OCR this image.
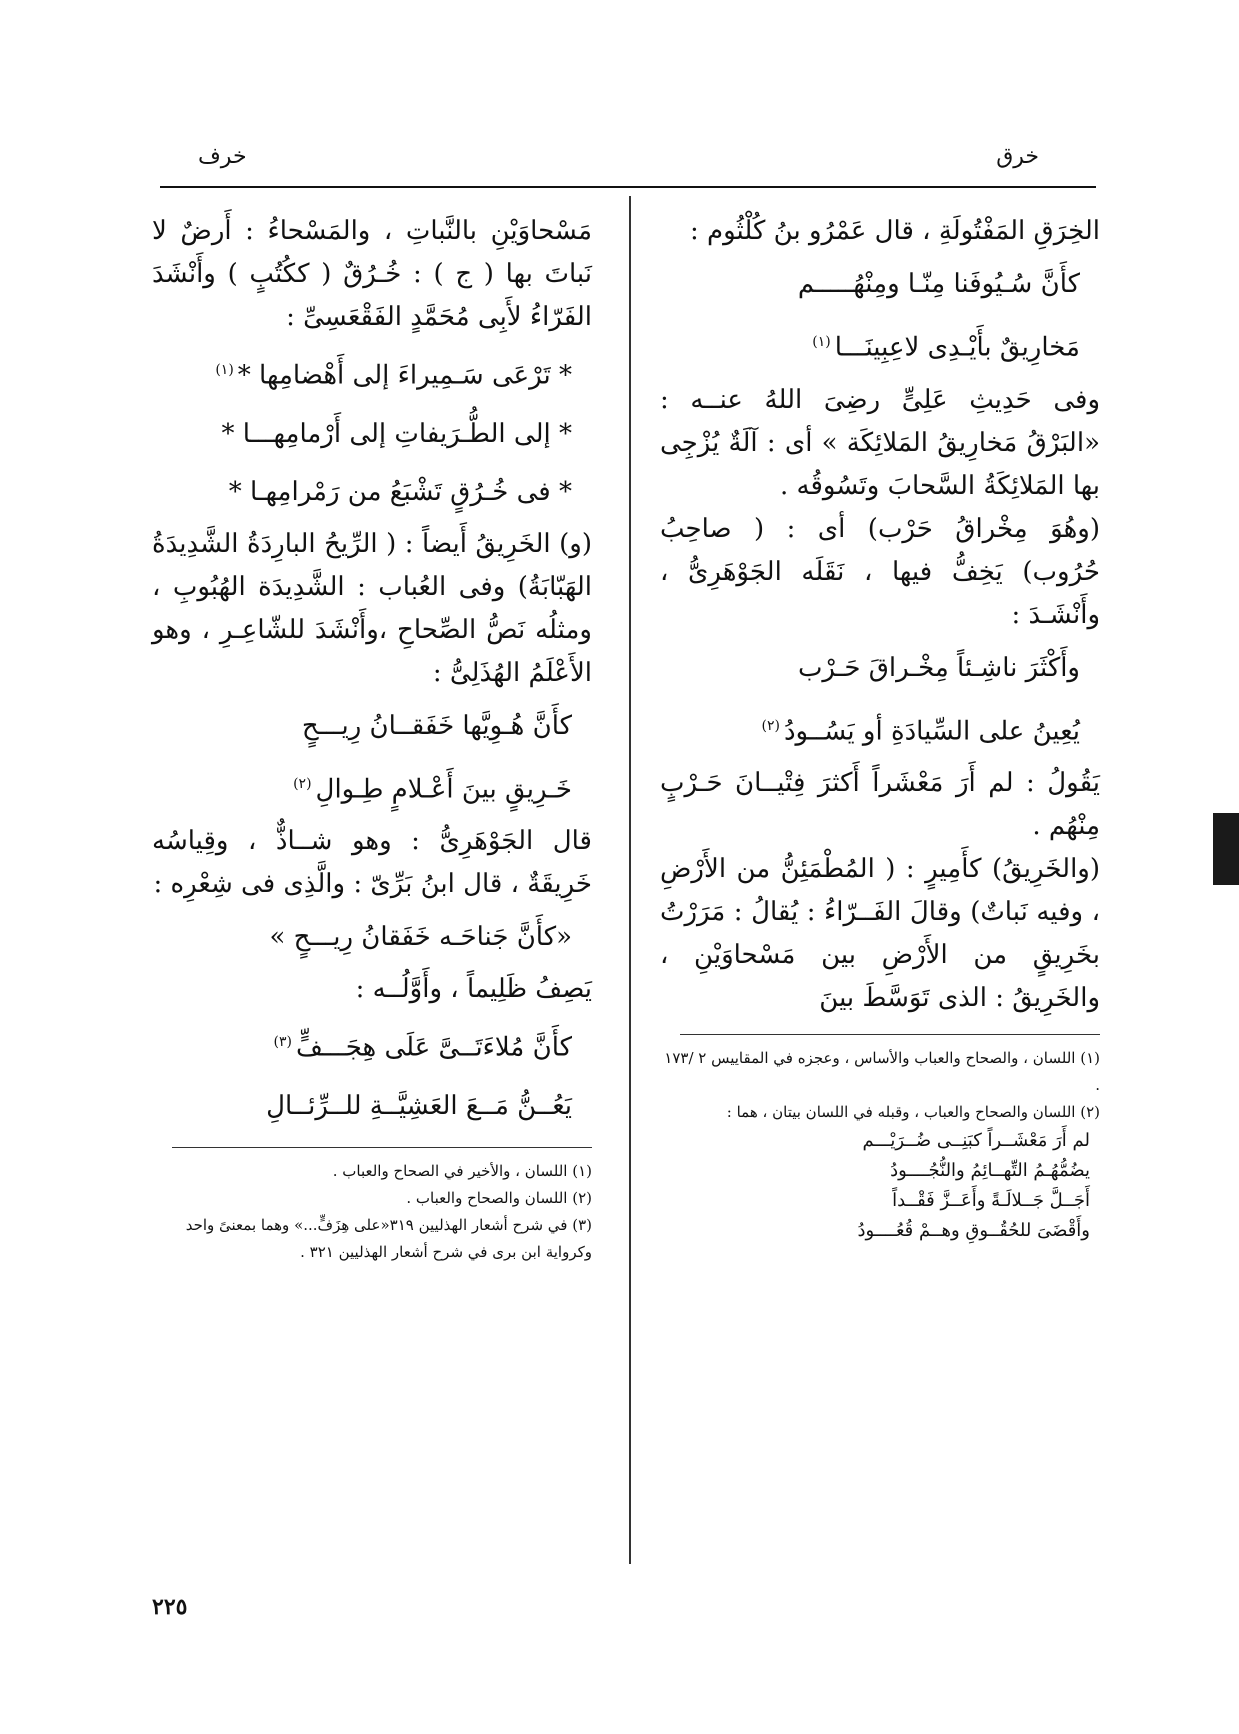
خرق
خرف

الخِرَقِ المَفْتُولَةِ ، قال عَمْرُو بنُ كُلْثُوم :

كأَنَّ سُـيُوفَنا مِنّـا ومِنْهُـــــم

مَخارِيقٌ بأَيْـدِى لاعِبِينَـــا$^{(١)}$

وفى حَدِيثِ عَلِىٍّ رضِىَ اللهُ عنــه : «البَرْقُ مَخارِيقُ المَلائِكَة » أى : آلَةٌ يُزْجِى بها المَلائِكَةُ السَّحابَ وتَسُوقُه .

(وهُوَ مِخْراقُ حَرْب) أى : ( صاحِبُ حُرُوب) يَخِفُّ فيها ، نَقَلَه الجَوْهَرِىُّ ، وأَنْشَـدَ :

وأَكْثَرَ ناشِـئاً مِخْـراقَ حَـرْب

يُعِينُ على السِّيادَةِ أو يَسُــودُ$^{(٢)}$

يَقُولُ : لم أَرَ مَعْشَراً أَكثرَ فِتْيــانَ حَـرْبٍ مِنْهُم .

(والخَرِيقُ) كأَمِيرٍ : ( المُطْمَئِنُّ من الأَرْضِ ، وفيه نَباتٌ) وقالَ الفَــرّاءُ : يُقالُ : مَرَرْتُ بخَرِيقٍ من الأَرْضِ بين مَسْحاوَيْنِ ، والخَرِيقُ : الذى تَوَسَّطَ بينَ

(١) اللسان ، والصحاح والعباب والأساس ، وعجزه في المقاييس ٢ /١٧٣ .

(٢) اللسان والصحاح والعباب ، وقبله في اللسان بيتان ، هما :

لم أَرَ مَعْشَــراً كبَنِــى ضُــرَيْـــم

يضُمُّهُـمُ التِّهــائِمُ والنُّجُــــودُ

أَجَــلَّ جَــلالَـةً وأَعَــزَّ فَقْــداً

وأَقْضَىَ للحُقُــوقِ وهــمْ قُعُــــودُ

مَسْحاوَيْنِ بالنَّباتِ ، والمَسْحاءُ : أَرضٌ لا نَباتَ بها ( ج ) : خُـرُقٌ ( ككُتُبٍ ) وأَنْشَدَ الفَرّاءُ لأَبِى مُحَمَّدٍ الفَقْعَسِىِّ :

* تَرْعَى سَـمِيراءَ إلى أَهْضامِها *$^{(١)}$

* إلى الطُّـرَيفاتِ إلى أَرْمامِهـــا *

* فى خُـرُقٍ تَشْبَعُ من رَمْرامِهـا *

(و) الخَرِيقُ أَيضاً : ( الرِّيحُ البارِدَةُ الشَّدِيدَةُ الهَبّابَةُ) وفى العُباب : الشَّدِيدَة الهُبُوبِ ، ومثلُه نَصُّ الصِّحاحِ ،وأَنْشَدَ للشّاعِـرِ ، وهو الأَعْلَمُ الهُذَلِىُّ :

كأَنَّ هُـوِيَّها خَفَقــانُ رِيـــحٍ

خَـرِيقٍ بينَ أَعْـلامٍ طِـوالِ$^{(٢)}$

قال الجَوْهَرِىُّ : وهو شــاذٌّ ، وقِياسُه خَرِيقَةٌ ، قال ابنُ بَرِّىّ : والَّذِى فى شِعْرِه :

«كأَنَّ جَناحَـه خَفَقانُ رِيـــحٍ »

يَصِفُ ظَلِيماً ، وأَوَّلُــه :

كأَنَّ مُلاءَتَــىَّ عَلَى هِجَـــفٍّ$^{(٣)}$

يَعُــنُّ مَــعَ العَشِيَّــةِ للــرِّئــالِ

(١) اللسان ، والأخير في الصحاح والعباب .

(٢) اللسان والصحاح والعباب .

(٣) في شرح أشعار الهذليين ٣١٩«على هِزَفٍّ...» وهما بمعنىً واحد وكرواية ابن برى في شرح أشعار الهذليين ٣٢١ .

٢٢٥
